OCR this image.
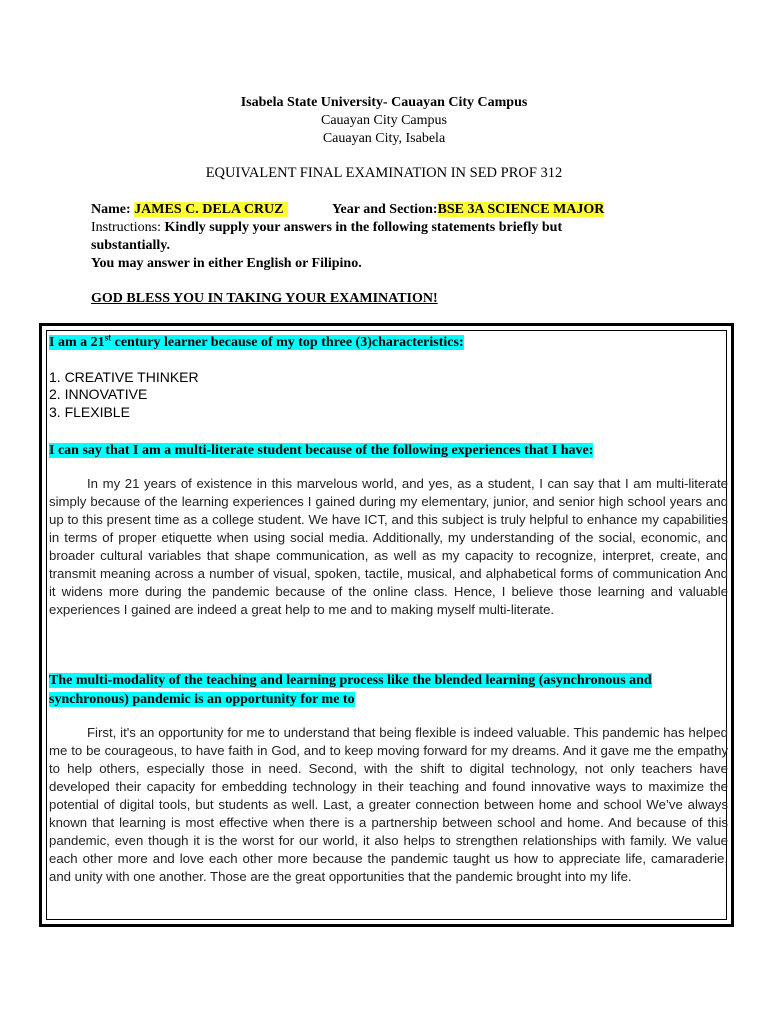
Isabela State University- Cauayan City Campus
Cauayan City Campus
Cauayan City, Isabela
EQUIVALENT FINAL EXAMINATION IN SED PROF 312
Name: JAMES C. DELA CRUZ	Year and Section:BSE 3A SCIENCE MAJOR
Instructions: Kindly supply your answers in the following statements briefly but
substantially.
You may answer in either English or Filipino.
GOD BLESS YOU IN TAKING YOUR EXAMINATION!
I am a 21st century learner because of my top three (3)characteristics:
1. CREATIVE THINKER
2. INNOVATIVE
3. FLEXIBLE
I can say that I am a multi-literate student because of the following experiences that I have:
In my 21 years of existence in this marvelous world, and yes, as a student, I can say that I am multi-literate simply because of the learning experiences I gained during my elementary, junior, and senior high school years and up to this present time as a college student. We have ICT, and this subject is truly helpful to enhance my capabilities in terms of proper etiquette when using social media. Additionally, my understanding of the social, economic, and broader cultural variables that shape communication, as well as my capacity to recognize, interpret, create, and transmit meaning across a number of visual, spoken, tactile, musical, and alphabetical forms of communication And it widens more during the pandemic because of the online class. Hence, I believe those learning and valuable experiences I gained are indeed a great help to me and to making myself multi-literate.
The multi-modality of the teaching and learning process like the blended learning (asynchronous and
synchronous) pandemic is an opportunity for me to
First, it's an opportunity for me to understand that being flexible is indeed valuable. This pandemic has helped me to be courageous, to have faith in God, and to keep moving forward for my dreams. And it gave me the empathy to help others, especially those in need. Second, with the shift to digital technology, not only teachers have developed their capacity for embedding technology in their teaching and found innovative ways to maximize the potential of digital tools, but students as well. Last, a greater connection between home and school We’ve always known that learning is most effective when there is a partnership between school and home. And because of this pandemic, even though it is the worst for our world, it also helps to strengthen relationships with family. We value each other more and love each other more because the pandemic taught us how to appreciate life, camaraderie, and unity with one another. Those are the great opportunities that the pandemic brought into my life.
